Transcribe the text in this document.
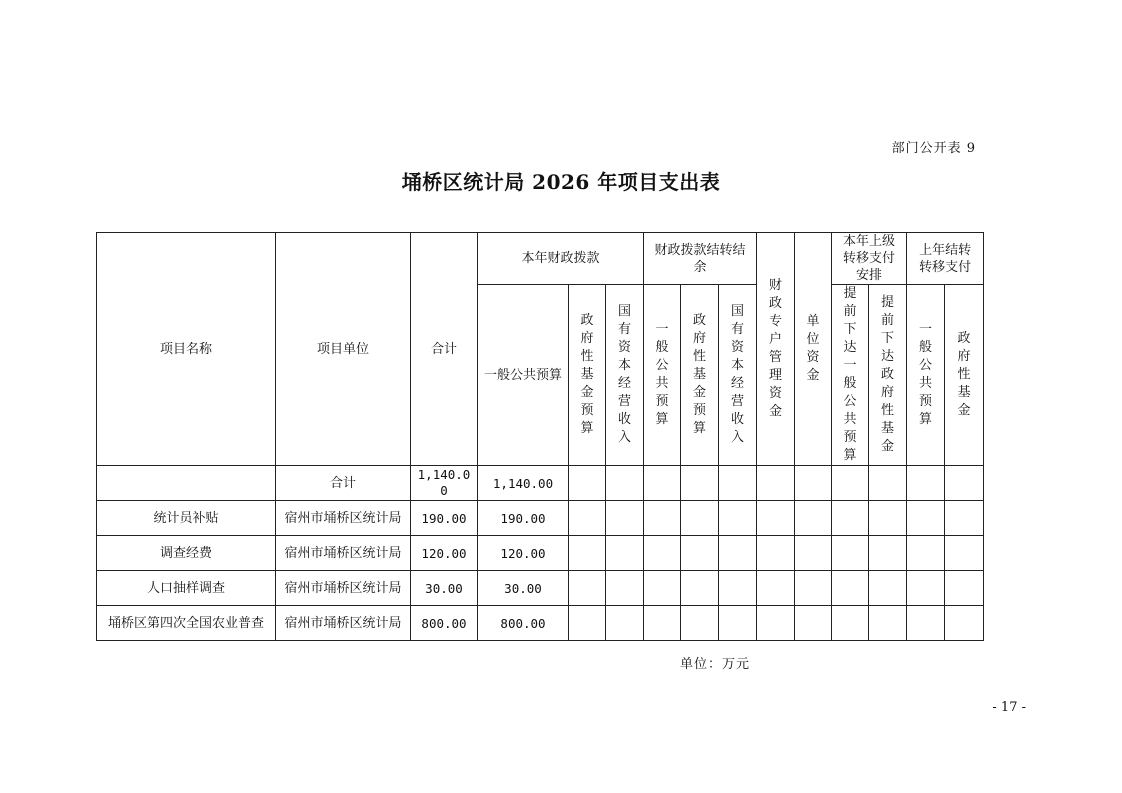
部门公开表 9
埇桥区统计局 2026 年项目支出表
项目名称	项目单位	合计	本年财政拨款			财政拨款结转结余			财政专户管理资金	单位资金	本年上级转移支付安排		上年结转转移支付	
			一般公共预算	政府性基金预算	国有资本经营收入	一般公共预算	政府性基金预算	国有资本经营收入			提前下达一般公共预算	提前下达政府性基金	一般公共预算	政府性基金
	合计	1,140.00	1,140.00											
统计员补贴	宿州市埇桥区统计局	190.00	190.00											
调查经费	宿州市埇桥区统计局	120.00	120.00											
人口抽样调查	宿州市埇桥区统计局	30.00	30.00											
埇桥区第四次全国农业普查	宿州市埇桥区统计局	800.00	800.00											
单位：万元
- 17 -
